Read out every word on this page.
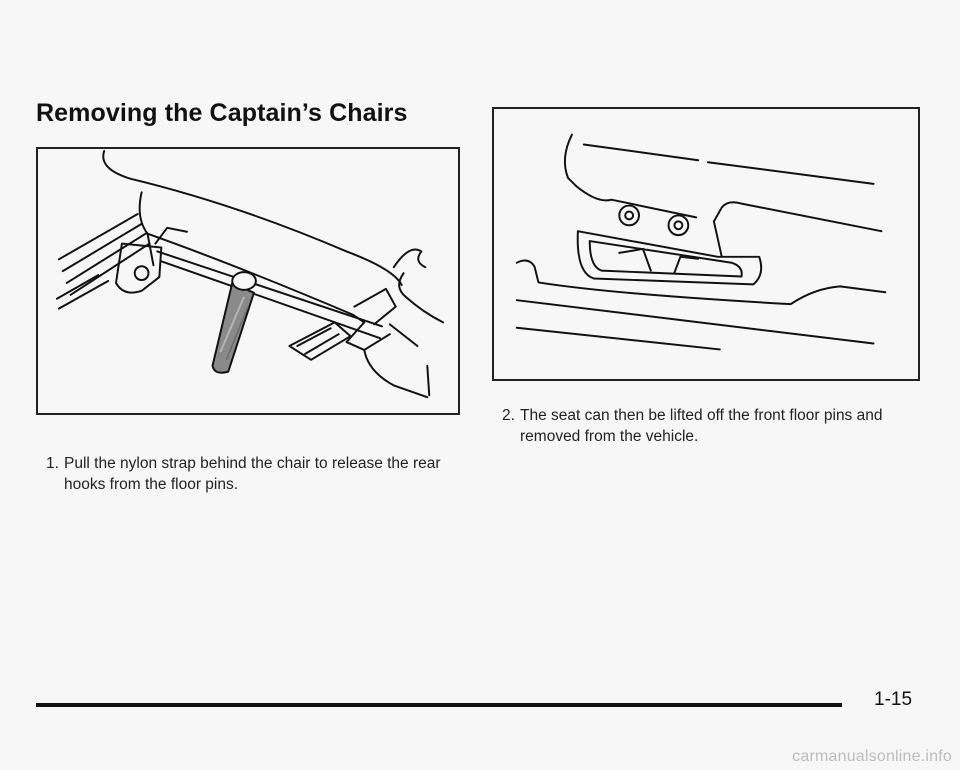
Removing the Captain’s Chairs

2. The seat can then be lifted off the front floor pins and removed from the vehicle.

1. Pull the nylon strap behind the chair to release the rear hooks from the floor pins.

1-15
carmanualsonline.info
